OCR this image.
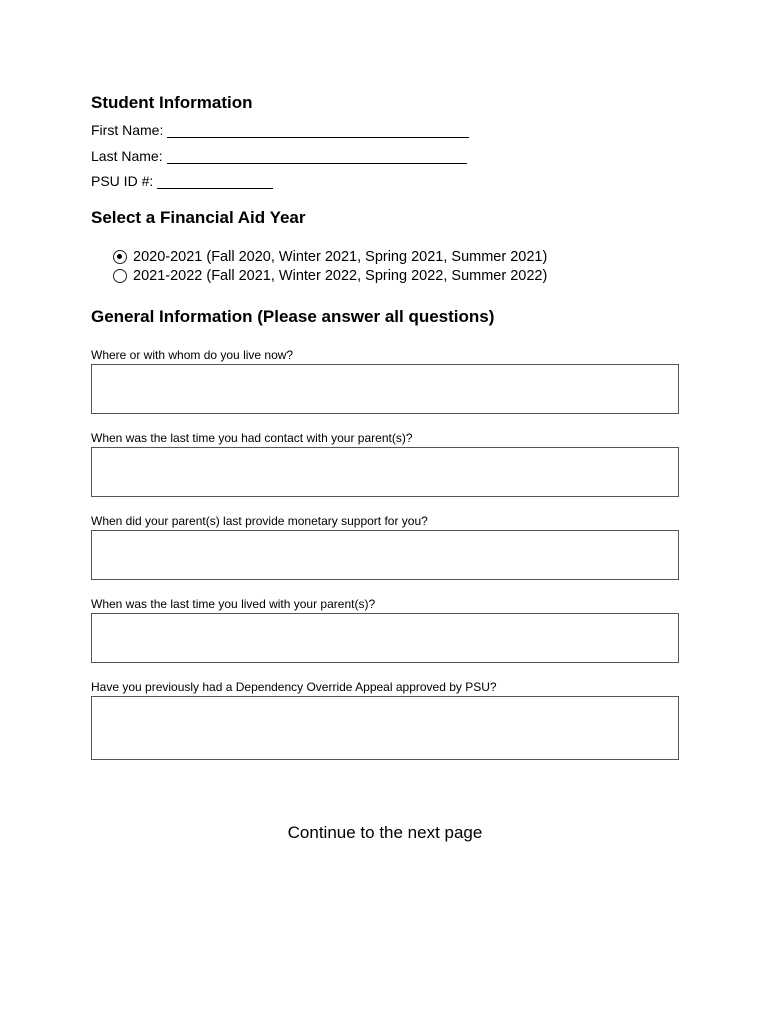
Student Information
First Name:
Last Name:
PSU ID #:
Select a Financial Aid Year
2020-2021 (Fall 2020, Winter 2021, Spring 2021, Summer 2021)
2021-2022 (Fall 2021, Winter 2022, Spring 2022, Summer 2022)
General Information (Please answer all questions)
Where or with whom do you live now?
When was the last time you had contact with your parent(s)?
When did your parent(s) last provide monetary support for you?
When was the last time you lived with your parent(s)?
Have you previously had a Dependency Override Appeal approved by PSU?
Continue to the next page
